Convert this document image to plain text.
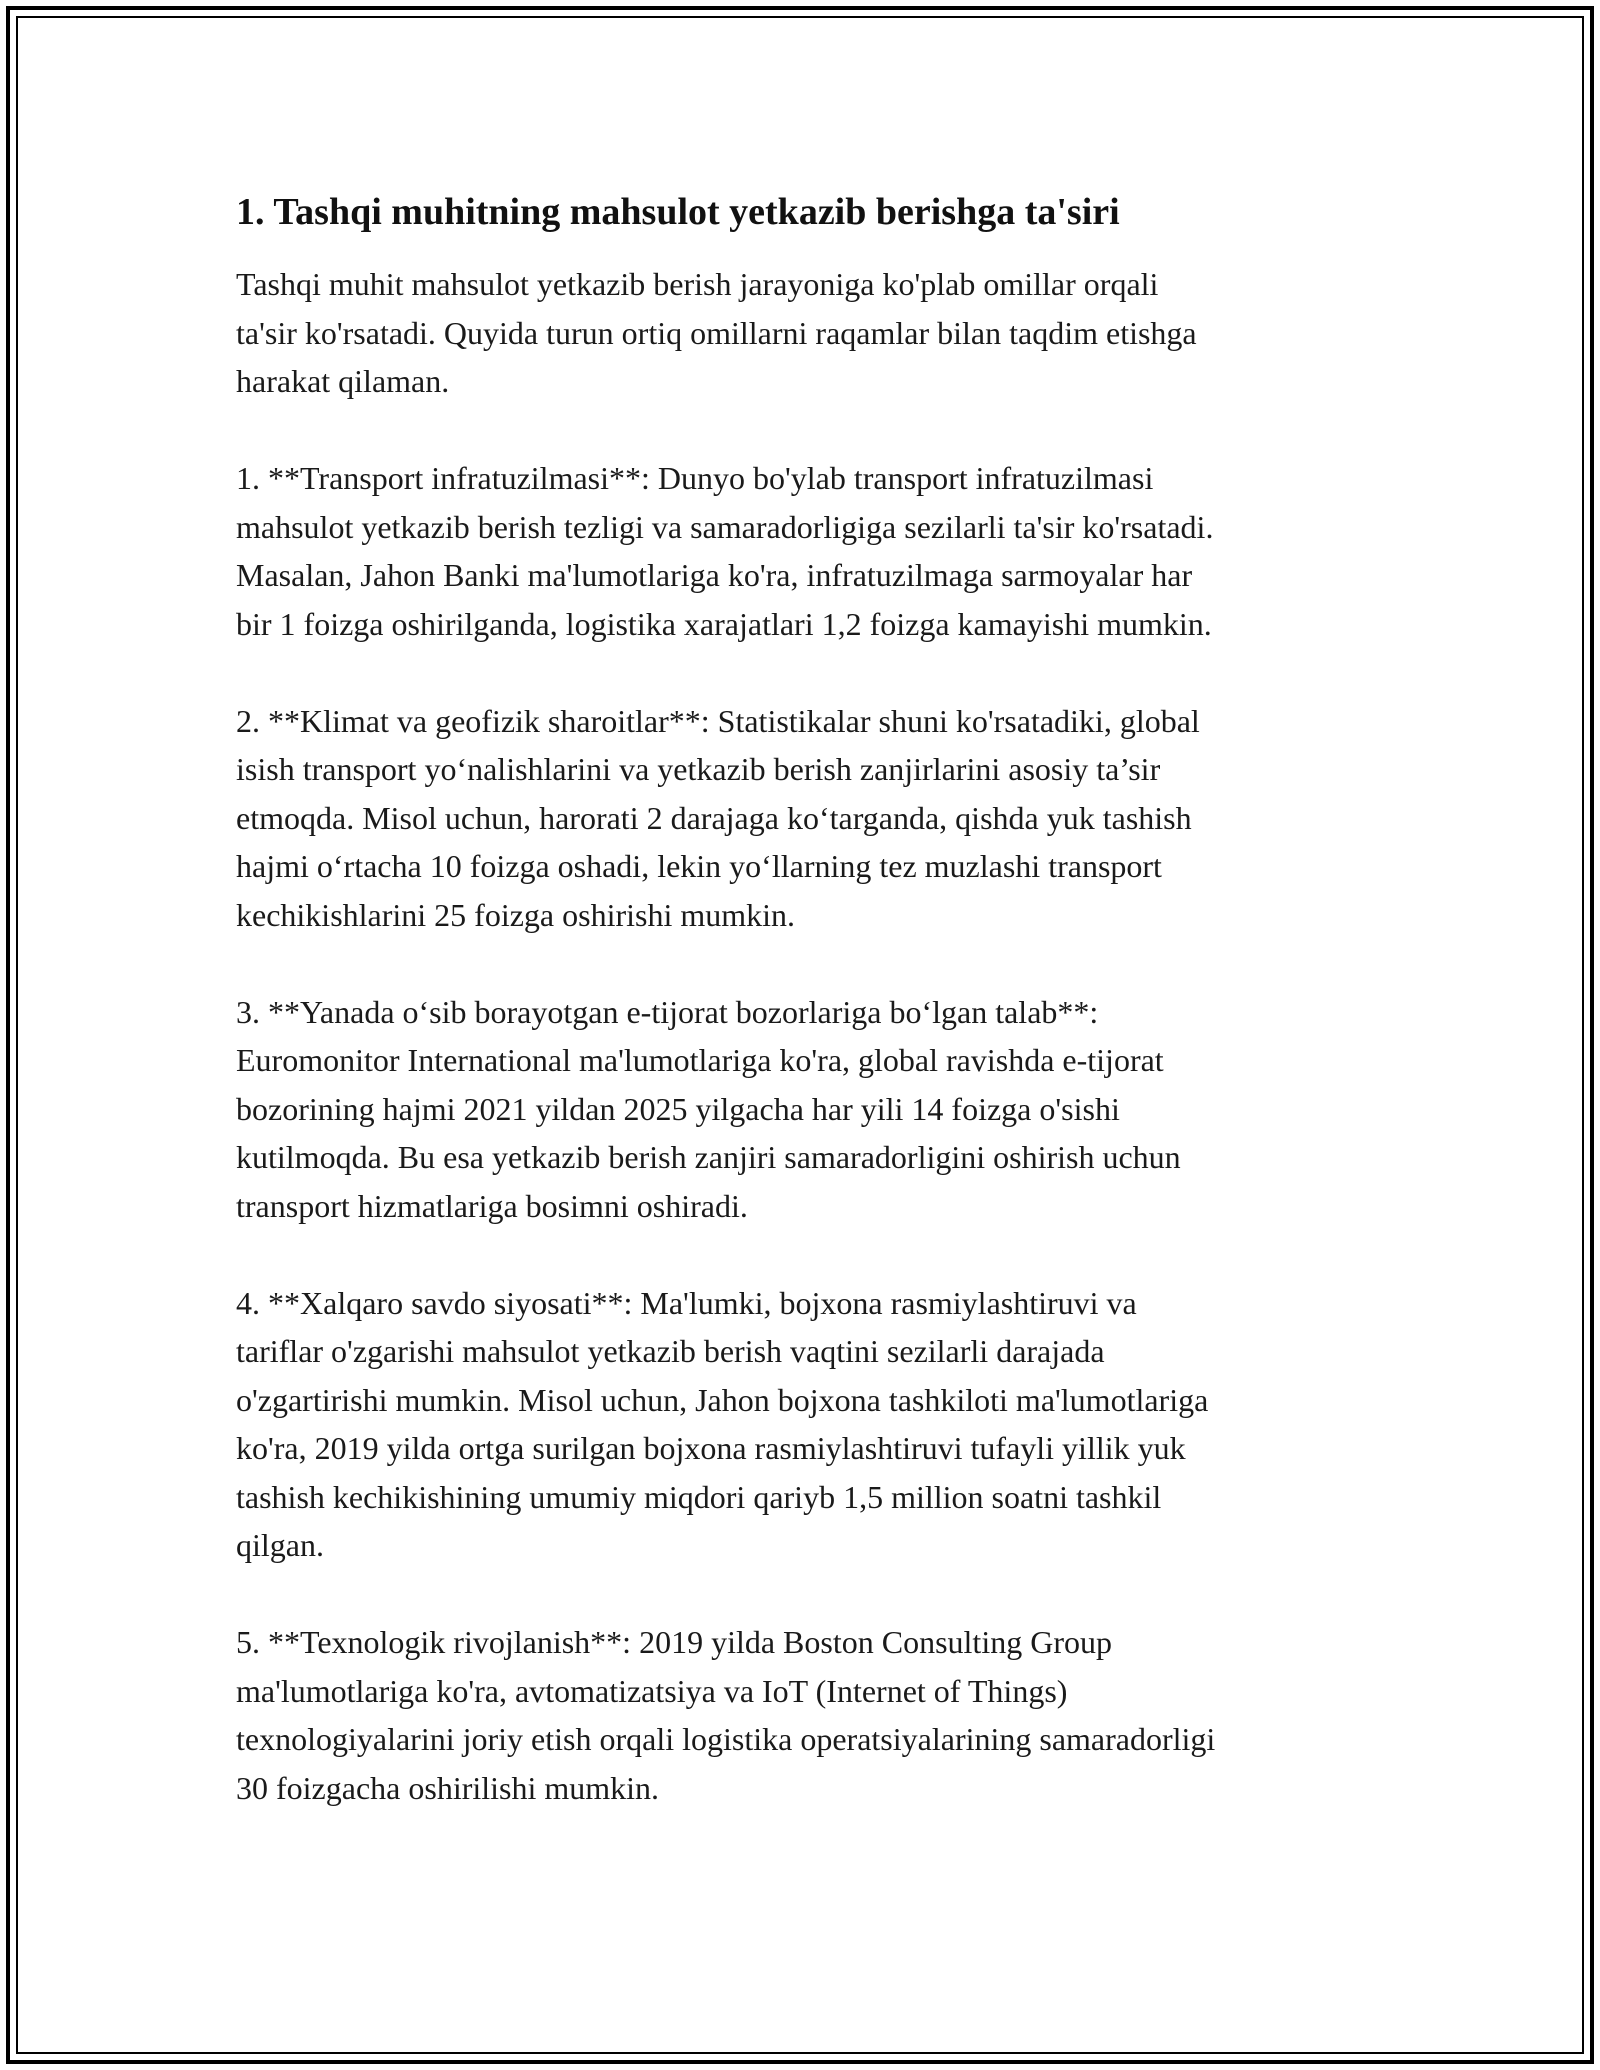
1. Tashqi muhitning mahsulot yetkazib berishga ta'siri

Tashqi muhit mahsulot yetkazib berish jarayoniga ko'plab omillar orqali
ta'sir ko'rsatadi. Quyida turun ortiq omillarni raqamlar bilan taqdim etishga
harakat qilaman.

1. **Transport infratuzilmasi**: Dunyo bo'ylab transport infratuzilmasi
mahsulot yetkazib berish tezligi va samaradorligiga sezilarli ta'sir ko'rsatadi.
Masalan, Jahon Banki ma'lumotlariga ko'ra, infratuzilmaga sarmoyalar har
bir 1 foizga oshirilganda, logistika xarajatlari 1,2 foizga kamayishi mumkin.

2. **Klimat va geofizik sharoitlar**: Statistikalar shuni ko'rsatadiki, global
isish transport yo‘nalishlarini va yetkazib berish zanjirlarini asosiy ta’sir
etmoqda. Misol uchun, harorati 2 darajaga ko‘targanda, qishda yuk tashish
hajmi o‘rtacha 10 foizga oshadi, lekin yo‘llarning tez muzlashi transport
kechikishlarini 25 foizga oshirishi mumkin.

3. **Yanada o‘sib borayotgan e-tijorat bozorlariga bo‘lgan talab**:
Euromonitor International ma'lumotlariga ko'ra, global ravishda e-tijorat
bozorining hajmi 2021 yildan 2025 yilgacha har yili 14 foizga o'sishi
kutilmoqda. Bu esa yetkazib berish zanjiri samaradorligini oshirish uchun
transport hizmatlariga bosimni oshiradi.

4. **Xalqaro savdo siyosati**: Ma'lumki, bojxona rasmiylashtiruvi va
tariflar o'zgarishi mahsulot yetkazib berish vaqtini sezilarli darajada
o'zgartirishi mumkin. Misol uchun, Jahon bojxona tashkiloti ma'lumotlariga
ko'ra, 2019 yilda ortga surilgan bojxona rasmiylashtiruvi tufayli yillik yuk
tashish kechikishining umumiy miqdori qariyb 1,5 million soatni tashkil
qilgan.

5. **Texnologik rivojlanish**: 2019 yilda Boston Consulting Group
ma'lumotlariga ko'ra, avtomatizatsiya va IoT (Internet of Things)
texnologiyalarini joriy etish orqali logistika operatsiyalarining samaradorligi
30 foizgacha oshirilishi mumkin.
